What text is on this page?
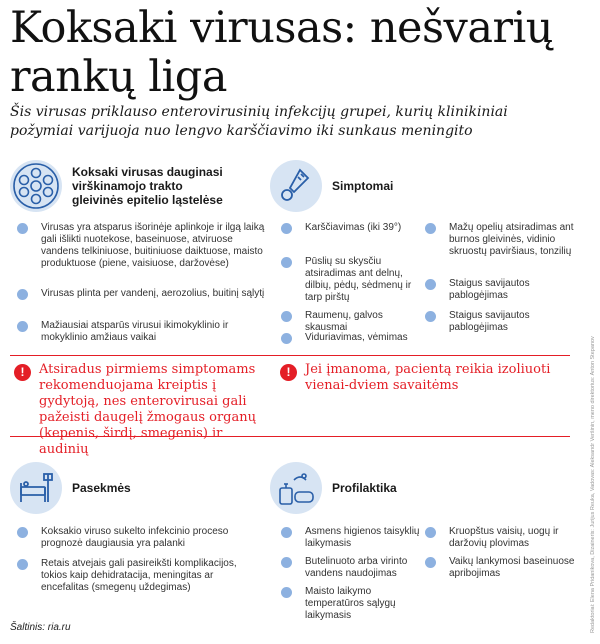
Koksaki virusas: nešvarių rankų liga
Šis virusas priklauso enterovirusinių infekcijų grupei, kurių klinikiniai požymiai varijuoja nuo lengvo karščiavimo iki sunkaus meningito
Koksaki virusas dauginasi virškinamojo trakto gleivinės epitelio ląstelėse
Virusas yra atsparus išorinėje aplinkoje ir ilgą laiką gali išlikti nuotekose, baseinuose, atviruose vandens telkiniuose, buitiniuose daiktuose, maisto produktuose (piene, vaisiuose, daržovėse)
Virusas plinta per vandenį, aerozolius, buitinį sąlytį
Mažiausiai atsparūs virusui ikimokyklinio ir mokyklinio amžiaus vaikai
Simptomai
Karščiavimas (iki 39°)
Pūslių su skysčiu atsiradimas ant delnų, dilbių, pėdų, sėdmenų ir tarp pirštų
Raumenų, galvos skausmai
Viduriavimas, vėmimas
Mažų opelių atsiradimas ant burnos gleivinės, vidinio skruostų paviršiaus, tonzilių
Staigus savijautos pablogėjimas
Staigus savijautos pablogėjimas
!	Atsiradus pirmiems simptomams rekomenduojama kreiptis į gydytoją, nes enterovirusai gali pažeisti daugelį žmogaus organų (kepenis, širdį, smegenis) ir audinių
!	Jei įmanoma, pacientą reikia izoliuoti vienai-dviem savaitėms
Pasekmės
Koksakio viruso sukelto infekcinio proceso prognozė daugiausia yra palanki
Retais atvejais gali pasireikšti komplikacijos, tokios kaip dehidratacija, meningitas ar encefalitas (smegenų uždegimas)
Profilaktika
Asmens higienos taisyklių laikymasis
Butelinuoto arba virinto vandens naudojimas
Maisto laikymo temperatūros sąlygų laikymasis
Kruopštus vaisių, uogų ir daržovių plovimas
Vaikų lankymosi baseinuose apribojimas
Šaltinis: ria.ru	Redaktoriai: Elena Pridanikova, Dizaineris: Jurijus Reuka, Vadovas: Aleksandr Veršinin, meno direktorius: Anton Stepanov
